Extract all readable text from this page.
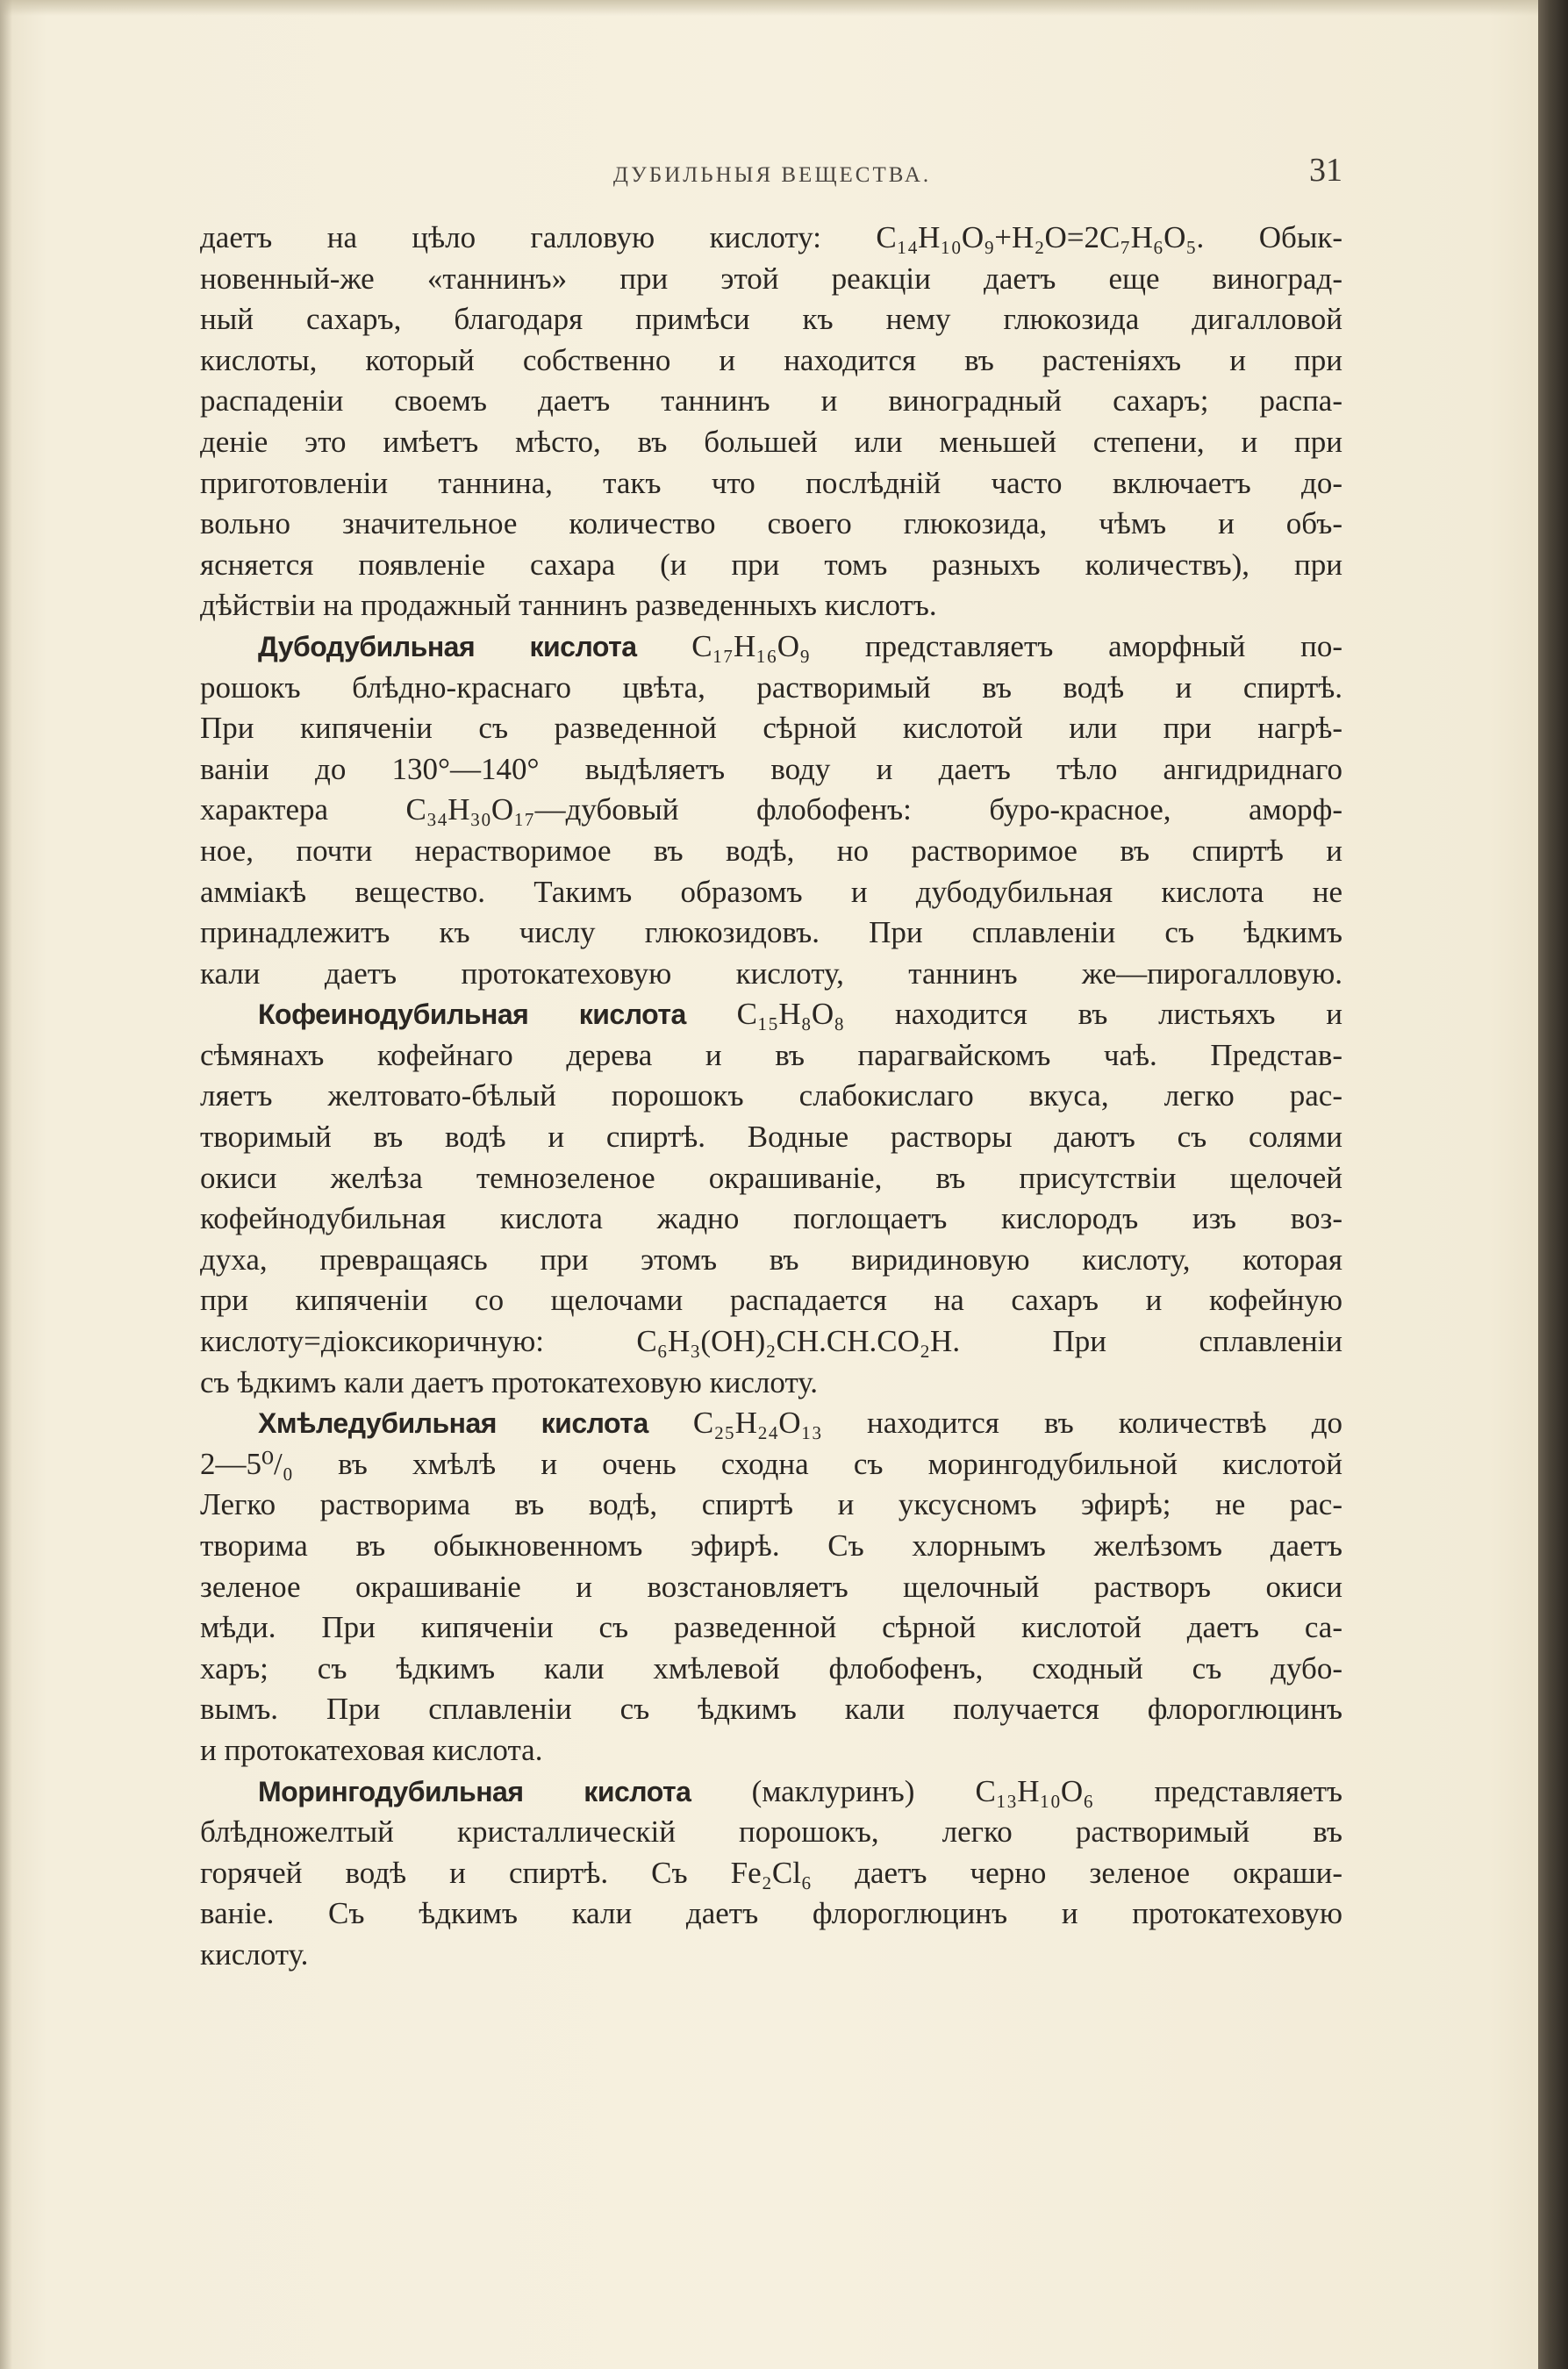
ДУБИЛЬНЫЯ ВЕЩЕСТВА.	31
даетъ на цѣло галловую кислоту: C₁₄H₁₀O₉+H₂O=2C₇H₆O₅. Обык-
новенный-же «таннинъ» при этой реакціи даетъ еще виноград-
ный сахаръ, благодаря примѣси къ нему глюкозида дигалловой
кислоты, который собственно и находится въ растеніяхъ и при
распаденіи своемъ даетъ таннинъ и виноградный сахаръ; распа-
деніе это имѣетъ мѣсто, въ большей или меньшей степени, и при
приготовленіи таннина, такъ что послѣдній часто включаетъ до-
вольно значительное количество своего глюкозида, чѣмъ и объ-
ясняется появленіе сахара (и при томъ разныхъ количествъ), при
дѣйствіи на продажный таннинъ разведенныхъ кислотъ.
Дубодубильная кислота C₁₇H₁₆O₉ представляетъ аморфный по-
рошокъ блѣдно-краснаго цвѣта, растворимый въ водѣ и спиртѣ.
При кипяченіи съ разведенной сѣрной кислотой или при нагрѣ-
ваніи до 130°—140° выдѣляетъ воду и даетъ тѣло ангидриднаго
характера C₃₄H₃₀O₁₇—дубовый флобофенъ: буро-красное, аморф-
ное, почти нерастворимое въ водѣ, но растворимое въ спиртѣ и
амміакѣ вещество. Такимъ образомъ и дубодубильная кислота не
принадлежитъ къ числу глюкозидовъ. При сплавленіи съ ѣдкимъ
кали даетъ протокатеховую кислоту, таннинъ же—пирогалловую.
Кофеинодубильная кислота C₁₅H₈O₈ находится въ листьяхъ и
сѣмянахъ кофейнаго дерева и въ парагвайскомъ чаѣ. Представ-
ляетъ желтовато-бѣлый порошокъ слабокислаго вкуса, легко рас-
творимый въ водѣ и спиртѣ. Водные растворы даютъ съ солями
окиси желѣза темнозеленое окрашиваніе, въ присутствіи щелочей
кофейнодубильная кислота жадно поглощаетъ кислородъ изъ воз-
духа, превращаясь при этомъ въ виридиновую кислоту, которая
при кипяченіи со щелочами распадается на сахаръ и кофейную
кислоту=діоксикоричную: C₆H₃(OH)₂CH.CH.CO₂H. При сплавленіи
съ ѣдкимъ кали даетъ протокатеховую кислоту.
Хмѣледубильная кислота C₂₅H₂₄O₁₃ находится въ количествѣ до
2—5⁰/₀ въ хмѣлѣ и очень сходна съ морингодубильной кислотой
Легко растворима въ водѣ, спиртѣ и уксусномъ эфирѣ; не рас-
творима въ обыкновенномъ эфирѣ. Съ хлорнымъ желѣзомъ даетъ
зеленое окрашиваніе и возстановляетъ щелочный растворъ окиси
мѣди. При кипяченіи съ разведенной сѣрной кислотой даетъ са-
харъ; съ ѣдкимъ кали хмѣлевой флобофенъ, сходный съ дубо-
вымъ. При сплавленіи съ ѣдкимъ кали получается флороглюцинъ
и протокатеховая кислота.
Морингодубильная кислота (маклуринъ) C₁₃H₁₀O₆ представляетъ
блѣдножелтый кристаллическій порошокъ, легко растворимый въ
горячей водѣ и спиртѣ. Съ Fe₂Cl₆ даетъ черно зеленое окраши-
ваніе. Съ ѣдкимъ кали даетъ флороглюцинъ и протокатеховую
кислоту.
